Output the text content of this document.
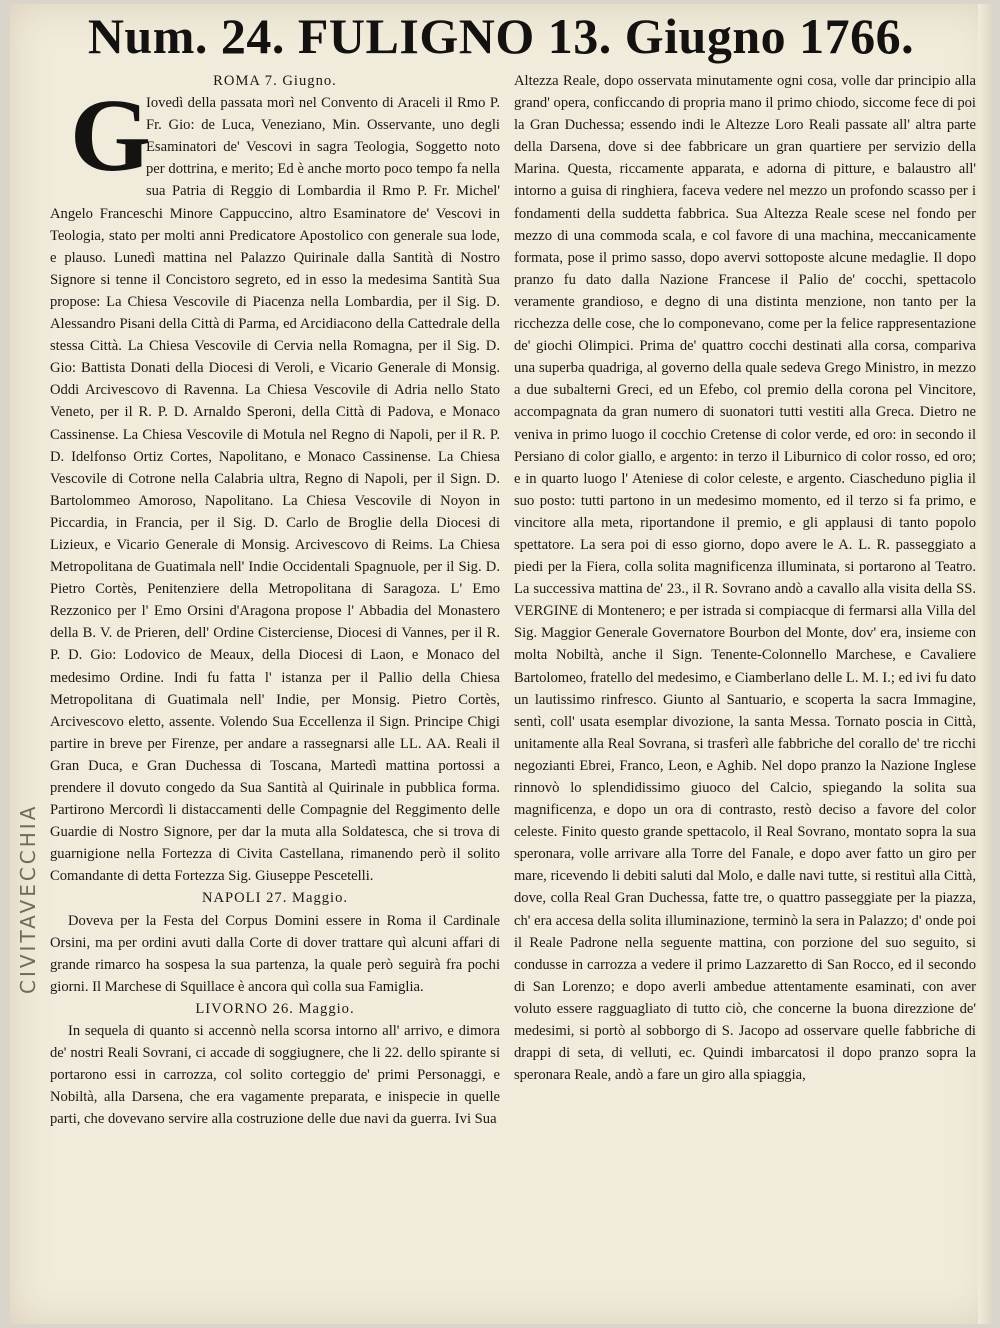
Num. 24. FULIGNO 13. Giugno 1766.
CIVITAVECCHIA

ROMA 7. Giugno.

G

Iovedì della passata morì nel Convento di Araceli il Rmo P. Fr. Gio: de Luca, Veneziano, Min. Osservante, uno degli Esaminatori de' Vescovi in sagra Teologia, Soggetto noto per dottrina, e merito; Ed è anche morto poco tempo fa nella sua Patria di Reggio di Lombardia il Rmo P. Fr. Michel' Angelo Franceschi Minore Cappuccino, altro Esaminatore de' Vescovi in Teologia, stato per molti anni Predicatore Apostolico con generale sua lode, e plauso. Lunedì mattina nel Palazzo Quirinale dalla Santità di Nostro Signore si tenne il Concistoro segreto, ed in esso la medesima Santità Sua propose: La Chiesa Vescovile di Piacenza nella Lombardia, per il Sig. D. Alessandro Pisani della Città di Parma, ed Arcidiacono della Cattedrale della stessa Città. La Chiesa Vescovile di Cervia nella Romagna, per il Sig. D. Gio: Battista Donati della Diocesi di Veroli, e Vicario Generale di Monsig. Oddi Arcivescovo di Ravenna. La Chiesa Vescovile di Adria nello Stato Veneto, per il R. P. D. Arnaldo Speroni, della Città di Padova, e Monaco Cassinense. La Chiesa Vescovile di Motula nel Regno di Napoli, per il R. P. D. Idelfonso Ortiz Cortes, Napolitano, e Monaco Cassinense. La Chiesa Vescovile di Cotrone nella Calabria ultra, Regno di Napoli, per il Sign. D. Bartolommeo Amoroso, Napolitano. La Chiesa Vescovile di Noyon in Piccardia, in Francia, per il Sig. D. Carlo de Broglie della Diocesi di Lizieux, e Vicario Generale di Monsig. Arcivescovo di Reims. La Chiesa Metropolitana de Guatimala nell' Indie Occidentali Spagnuole, per il Sig. D. Pietro Cortès, Penitenziere della Metropolitana di Saragoza. L' Emo Rezzonico per l' Emo Orsini d'Aragona propose l' Abbadia del Monastero della B. V. de Prieren, dell' Ordine Cisterciense, Diocesi di Vannes, per il R. P. D. Gio: Lodovico de Meaux, della Diocesi di Laon, e Monaco del medesimo Ordine. Indi fu fatta l' istanza per il Pallio della Chiesa Metropolitana di Guatimala nell' Indie, per Monsig. Pietro Cortès, Arcivescovo eletto, assente. Volendo Sua Eccellenza il Sign. Principe Chigi partire in breve per Firenze, per andare a rassegnarsi alle LL. AA. Reali il Gran Duca, e Gran Duchessa di Toscana, Martedì mattina portossi a prendere il dovuto congedo da Sua Santità al Quirinale in pubblica forma. Partirono Mercordì li distaccamenti delle Compagnie del Reggimento delle Guardie di Nostro Signore, per dar la muta alla Soldatesca, che si trova di guarnigione nella Fortezza di Civita Castellana, rimanendo però il solito Comandante di detta Fortezza Sig. Giuseppe Pescetelli.

NAPOLI 27. Maggio.

Doveva per la Festa del Corpus Domini essere in Roma il Cardinale Orsini, ma per ordini avuti dalla Corte di dover trattare quì alcuni affari di grande rimarco ha sospesa la sua partenza, la quale però seguirà fra pochi giorni. Il Marchese di Squillace è ancora quì colla sua Famiglia.

LIVORNO 26. Maggio.

In sequela di quanto si accennò nella scorsa intorno all' arrivo, e dimora de' nostri Reali Sovrani, ci accade di soggiugnere, che li 22. dello spirante si portarono essi in carrozza, col solito corteggio de' primi Personaggi, e Nobiltà, alla Darsena, che era vagamente preparata, e inispecie in quelle parti, che dovevano servire alla costruzione delle due navi da guerra. Ivi Sua

Altezza Reale, dopo osservata minutamente ogni cosa, volle dar principio alla grand' opera, conficcando di propria mano il primo chiodo, siccome fece di poi la Gran Duchessa; essendo indi le Altezze Loro Reali passate all' altra parte della Darsena, dove si dee fabbricare un gran quartiere per servizio della Marina. Questa, riccamente apparata, e adorna di pitture, e balaustro all' intorno a guisa di ringhiera, faceva vedere nel mezzo un profondo scasso per i fondamenti della suddetta fabbrica. Sua Altezza Reale scese nel fondo per mezzo di una commoda scala, e col favore di una machina, meccanicamente formata, pose il primo sasso, dopo avervi sottoposte alcune medaglie. Il dopo pranzo fu dato dalla Nazione Francese il Palio de' cocchi, spettacolo veramente grandioso, e degno di una distinta menzione, non tanto per la ricchezza delle cose, che lo componevano, come per la felice rappresentazione de' giochi Olimpici. Prima de' quattro cocchi destinati alla corsa, compariva una superba quadriga, al governo della quale sedeva Grego Ministro, in mezzo a due subalterni Greci, ed un Efebo, col premio della corona pel Vincitore, accompagnata da gran numero di suonatori tutti vestiti alla Greca. Dietro ne veniva in primo luogo il cocchio Cretense di color verde, ed oro: in secondo il Persiano di color giallo, e argento: in terzo il Liburnico di color rosso, ed oro; e in quarto luogo l' Ateniese di color celeste, e argento. Ciascheduno piglia il suo posto: tutti partono in un medesimo momento, ed il terzo si fa primo, e vincitore alla meta, riportandone il premio, e gli applausi di tanto popolo spettatore. La sera poi di esso giorno, dopo avere le A. L. R. passeggiato a piedi per la Fiera, colla solita magnificenza illuminata, si portarono al Teatro. La successiva mattina de' 23., il R. Sovrano andò a cavallo alla visita della SS. VERGINE di Montenero; e per istrada si compiacque di fermarsi alla Villa del Sig. Maggior Generale Governatore Bourbon del Monte, dov' era, insieme con molta Nobiltà, anche il Sign. Tenente-Colonnello Marchese, e Cavaliere Bartolomeo, fratello del medesimo, e Ciamberlano delle L. M. I.; ed ivi fu dato un lautissimo rinfresco. Giunto al Santuario, e scoperta la sacra Immagine, sentì, coll' usata esemplar divozione, la santa Messa. Tornato poscia in Città, unitamente alla Real Sovrana, si trasferì alle fabbriche del corallo de' tre ricchi negozianti Ebrei, Franco, Leon, e Aghib. Nel dopo pranzo la Nazione Inglese rinnovò lo splendidissimo giuoco del Calcio, spiegando la solita sua magnificenza, e dopo un ora di contrasto, restò deciso a favore del color celeste. Finito questo grande spettacolo, il Real Sovrano, montato sopra la sua speronara, volle arrivare alla Torre del Fanale, e dopo aver fatto un giro per mare, ricevendo li debiti saluti dal Molo, e dalle navi tutte, si restituì alla Città, dove, colla Real Gran Duchessa, fatte tre, o quattro passeggiate per la piazza, ch' era accesa della solita illuminazione, terminò la sera in Palazzo; d' onde poi il Reale Padrone nella seguente mattina, con porzione del suo seguito, si condusse in carrozza a vedere il primo Lazzaretto di San Rocco, ed il secondo di San Lorenzo; e dopo averli ambedue attentamente esaminati, con aver voluto essere ragguagliato di tutto ciò, che concerne la buona direzzione de' medesimi, si portò al sobborgo di S. Jacopo ad osservare quelle fabbriche di drappi di seta, di velluti, ec. Quindi imbarcatosi il dopo pranzo sopra la speronara Reale, andò a fare un giro alla spiaggia,
